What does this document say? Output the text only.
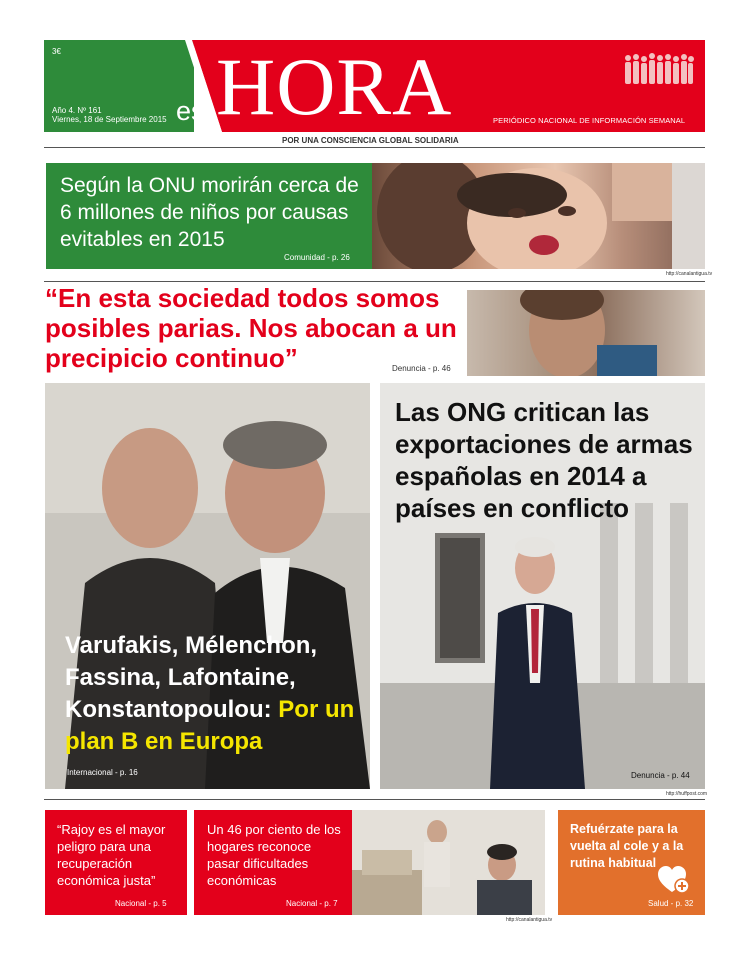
3€
Año 4. Nº 161
Viernes, 18 de Septiembre 2015 es HORA	PERIÓDICO NACIONAL DE INFORMACIÓN SEMANAL
POR UNA CONSCIENCIA GLOBAL SOLIDARIA
Según la ONU morirán cerca de 6 millones de niños por causas evitables en 2015
Comunidad - p. 26
http://canalantigua.tv
“En esta sociedad todos somos posibles parias. Nos abocan a un precipicio continuo”	Denuncia - p. 46
Varufakis, Mélenchon, Fassina, Lafontaine, Konstantopoulou: Por un plan B en Europa
Internacional - p. 16
Las ONG critican las exportaciones de armas españolas en 2014 a países en conflicto
Denuncia - p. 44
http://huffpost.com
“Rajoy es el mayor peligro para una recuperación económica justa”
Nacional - p. 5
Un 46 por ciento de los hogares reconoce pasar dificultades económicas
Nacional - p. 7
http://canalantigua.tv
Refuérzate para la vuelta al cole y a la rutina habitual
Salud - p. 32
